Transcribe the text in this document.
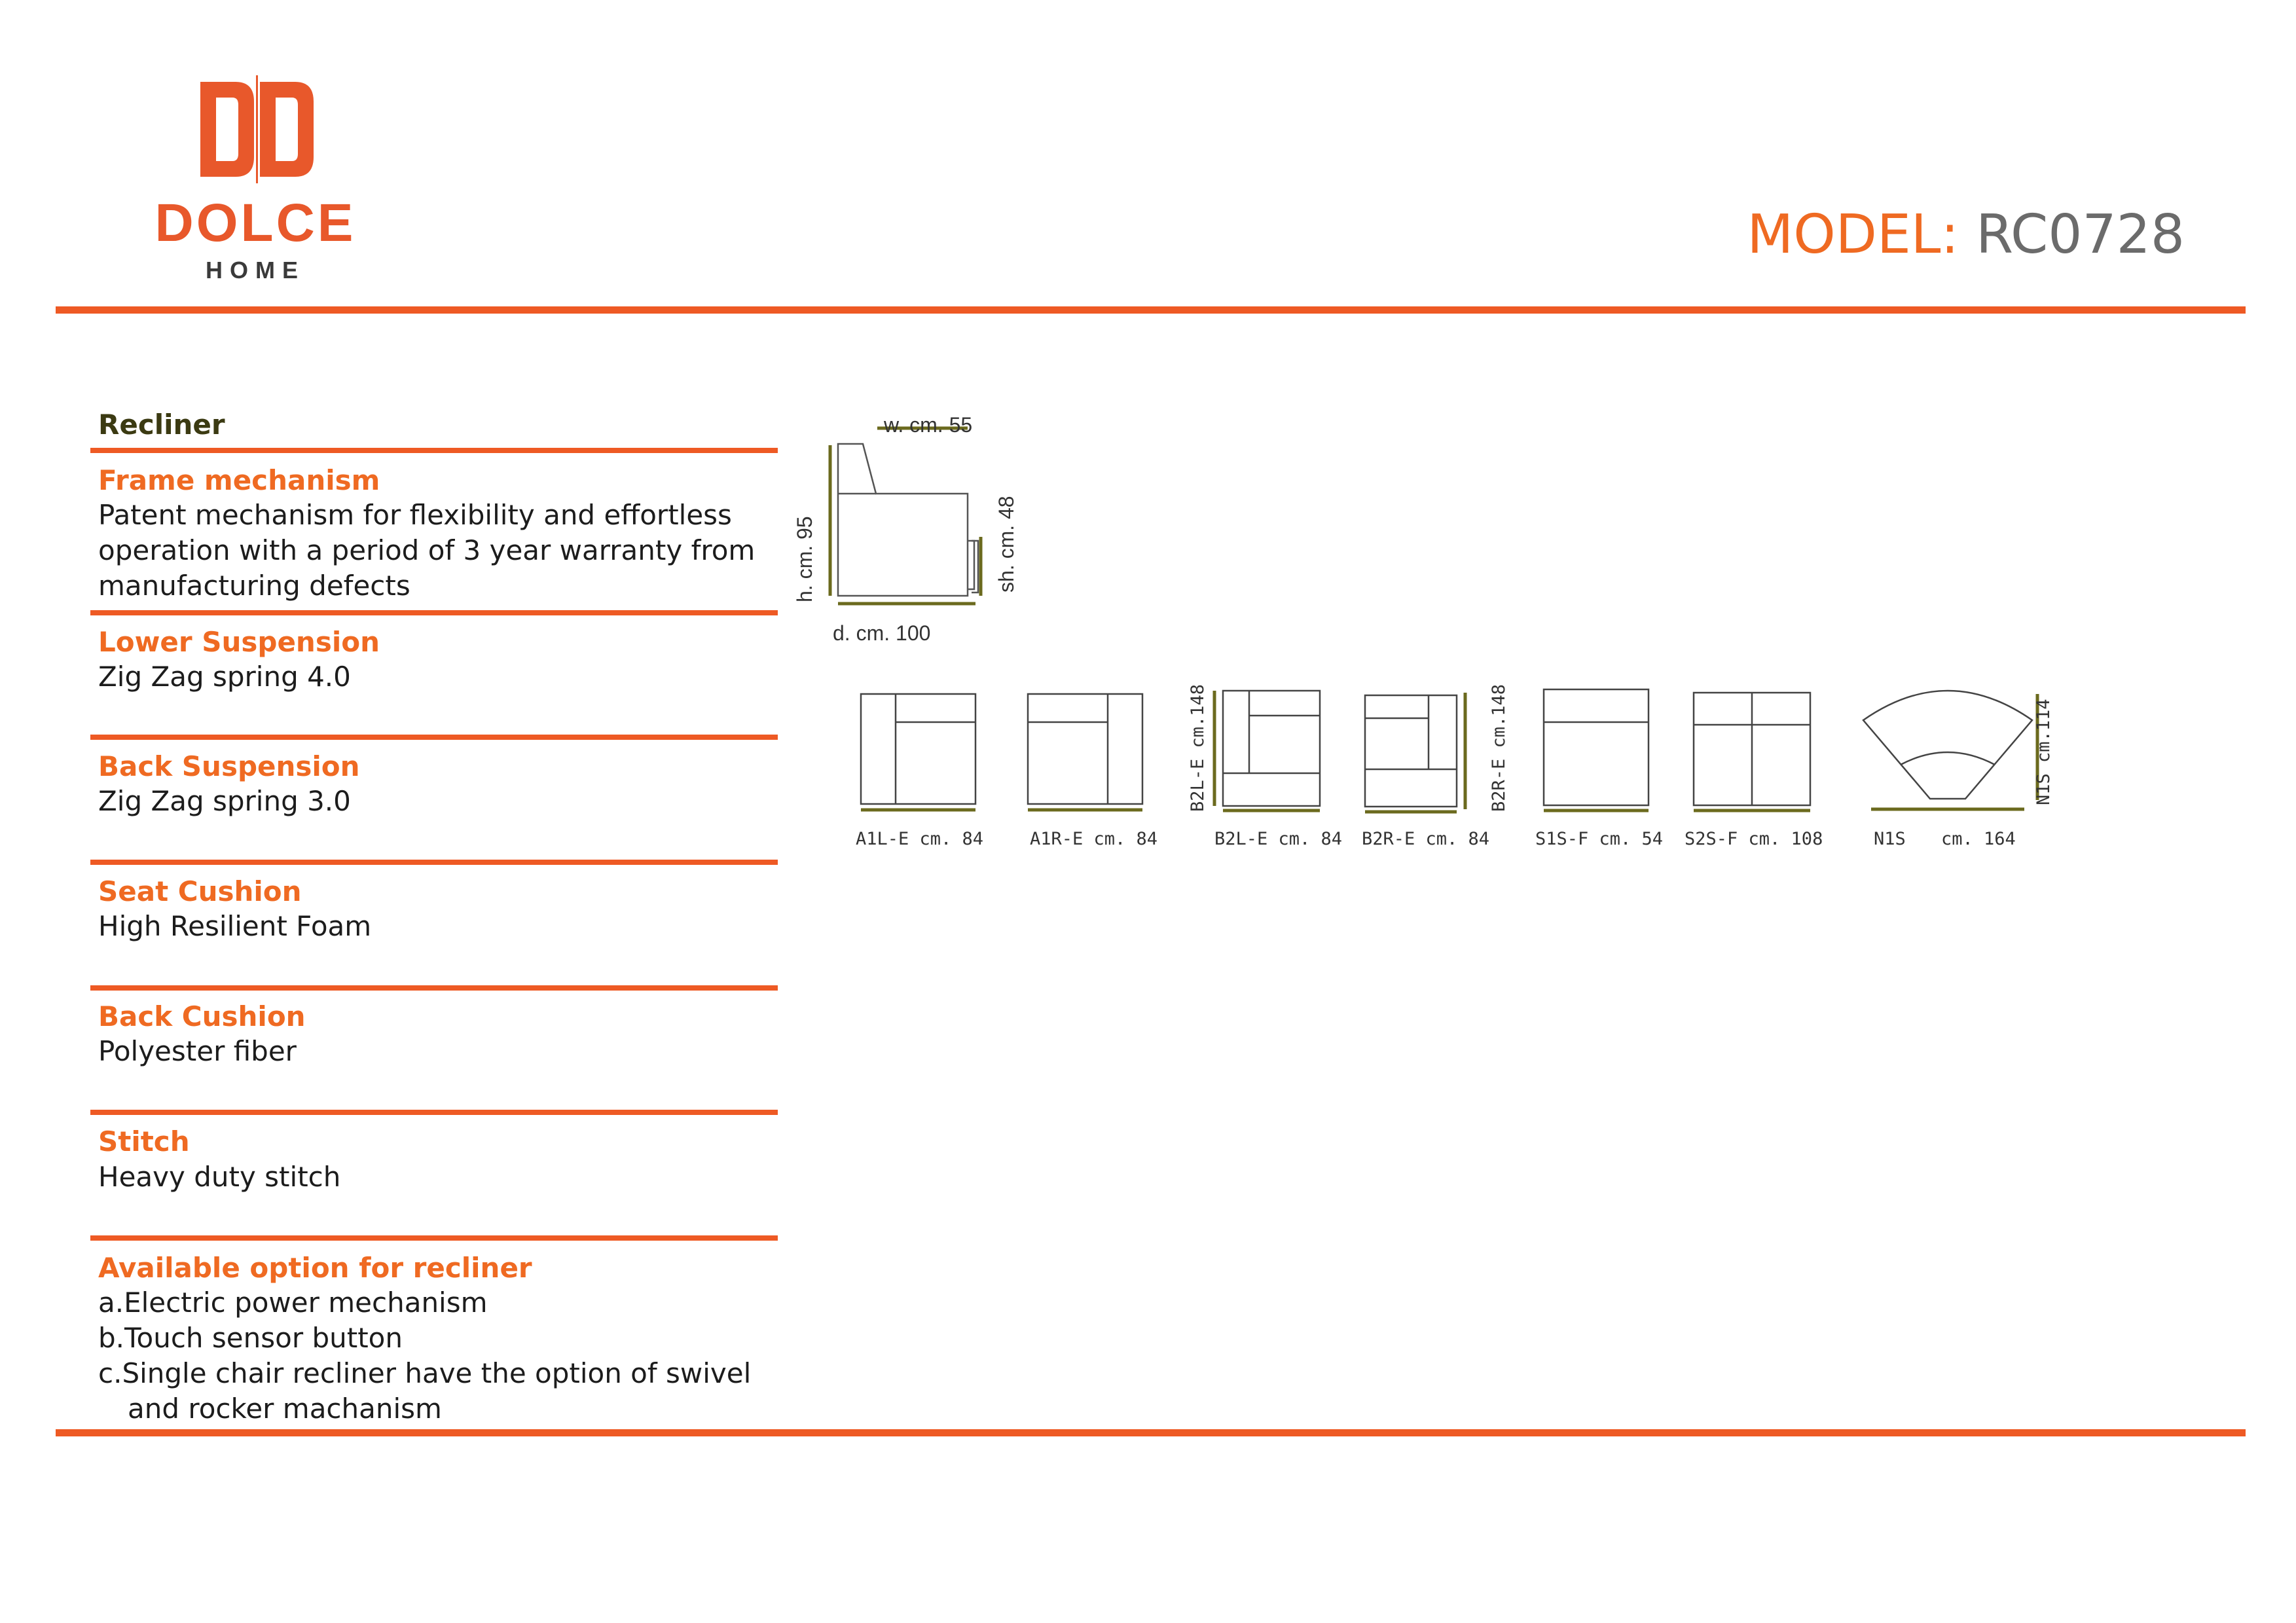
DOLCE
HOME
MODEL: RC0728
Recliner
Frame mechanism
Patent mechanism for flexibility and effortless
operation with a period of 3 year warranty from
manufacturing defects
Lower Suspension
Zig Zag spring 4.0
Back Suspension
Zig Zag spring 3.0
Seat Cushion
High Resilient Foam
Back Cushion
Polyester fiber
Stitch
Heavy duty stitch
Available option for recliner
a.Electric power mechanism
b.Touch sensor button
c.Single chair recliner have the option of swivel
and rocker machanism
w. cm. 55
h. cm. 95	sh. cm. 48
d. cm. 100
A1L-E cm. 84	A1R-E cm. 84
B2L-E cm.148
B2L-E cm. 84
B2R-E cm.148
B2R-E cm. 84	S1S-F cm. 54 S2S-F cm. 108
N1S cm.114
N1S cm. 164
